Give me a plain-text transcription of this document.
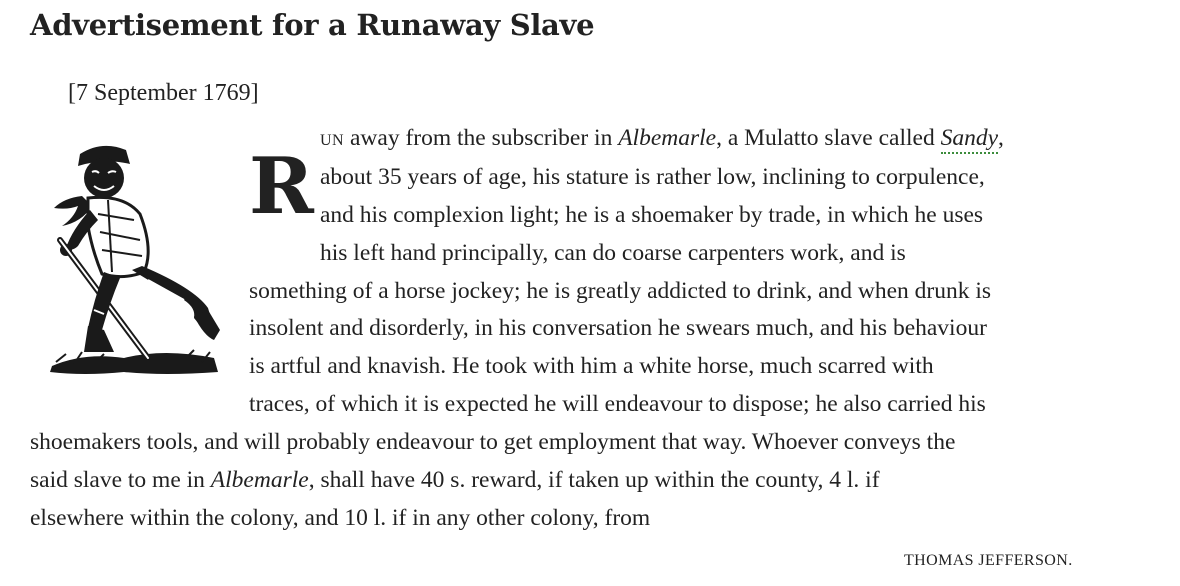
Advertisement for a Runaway Slave
[7 September 1769]
R
UN away from the subscriber in Albemarle, a Mulatto slave called Sandy,
about 35 years of age, his stature is rather low, inclining to corpulence,
and his complexion light; he is a shoemaker by trade, in which he uses
his left hand principally, can do coarse carpenters work, and is
something of a horse jockey; he is greatly addicted to drink, and when drunk is
insolent and disorderly, in his conversation he swears much, and his behaviour
is artful and knavish. He took with him a white horse, much scarred with
traces, of which it is expected he will endeavour to dispose; he also carried his
shoemakers tools, and will probably endeavour to get employment that way. Whoever conveys the
said slave to me in Albemarle, shall have 40 s. reward, if taken up within the county, 4 l. if
elsewhere within the colony, and 10 l. if in any other colony, from
THOMAS JEFFERSON.
